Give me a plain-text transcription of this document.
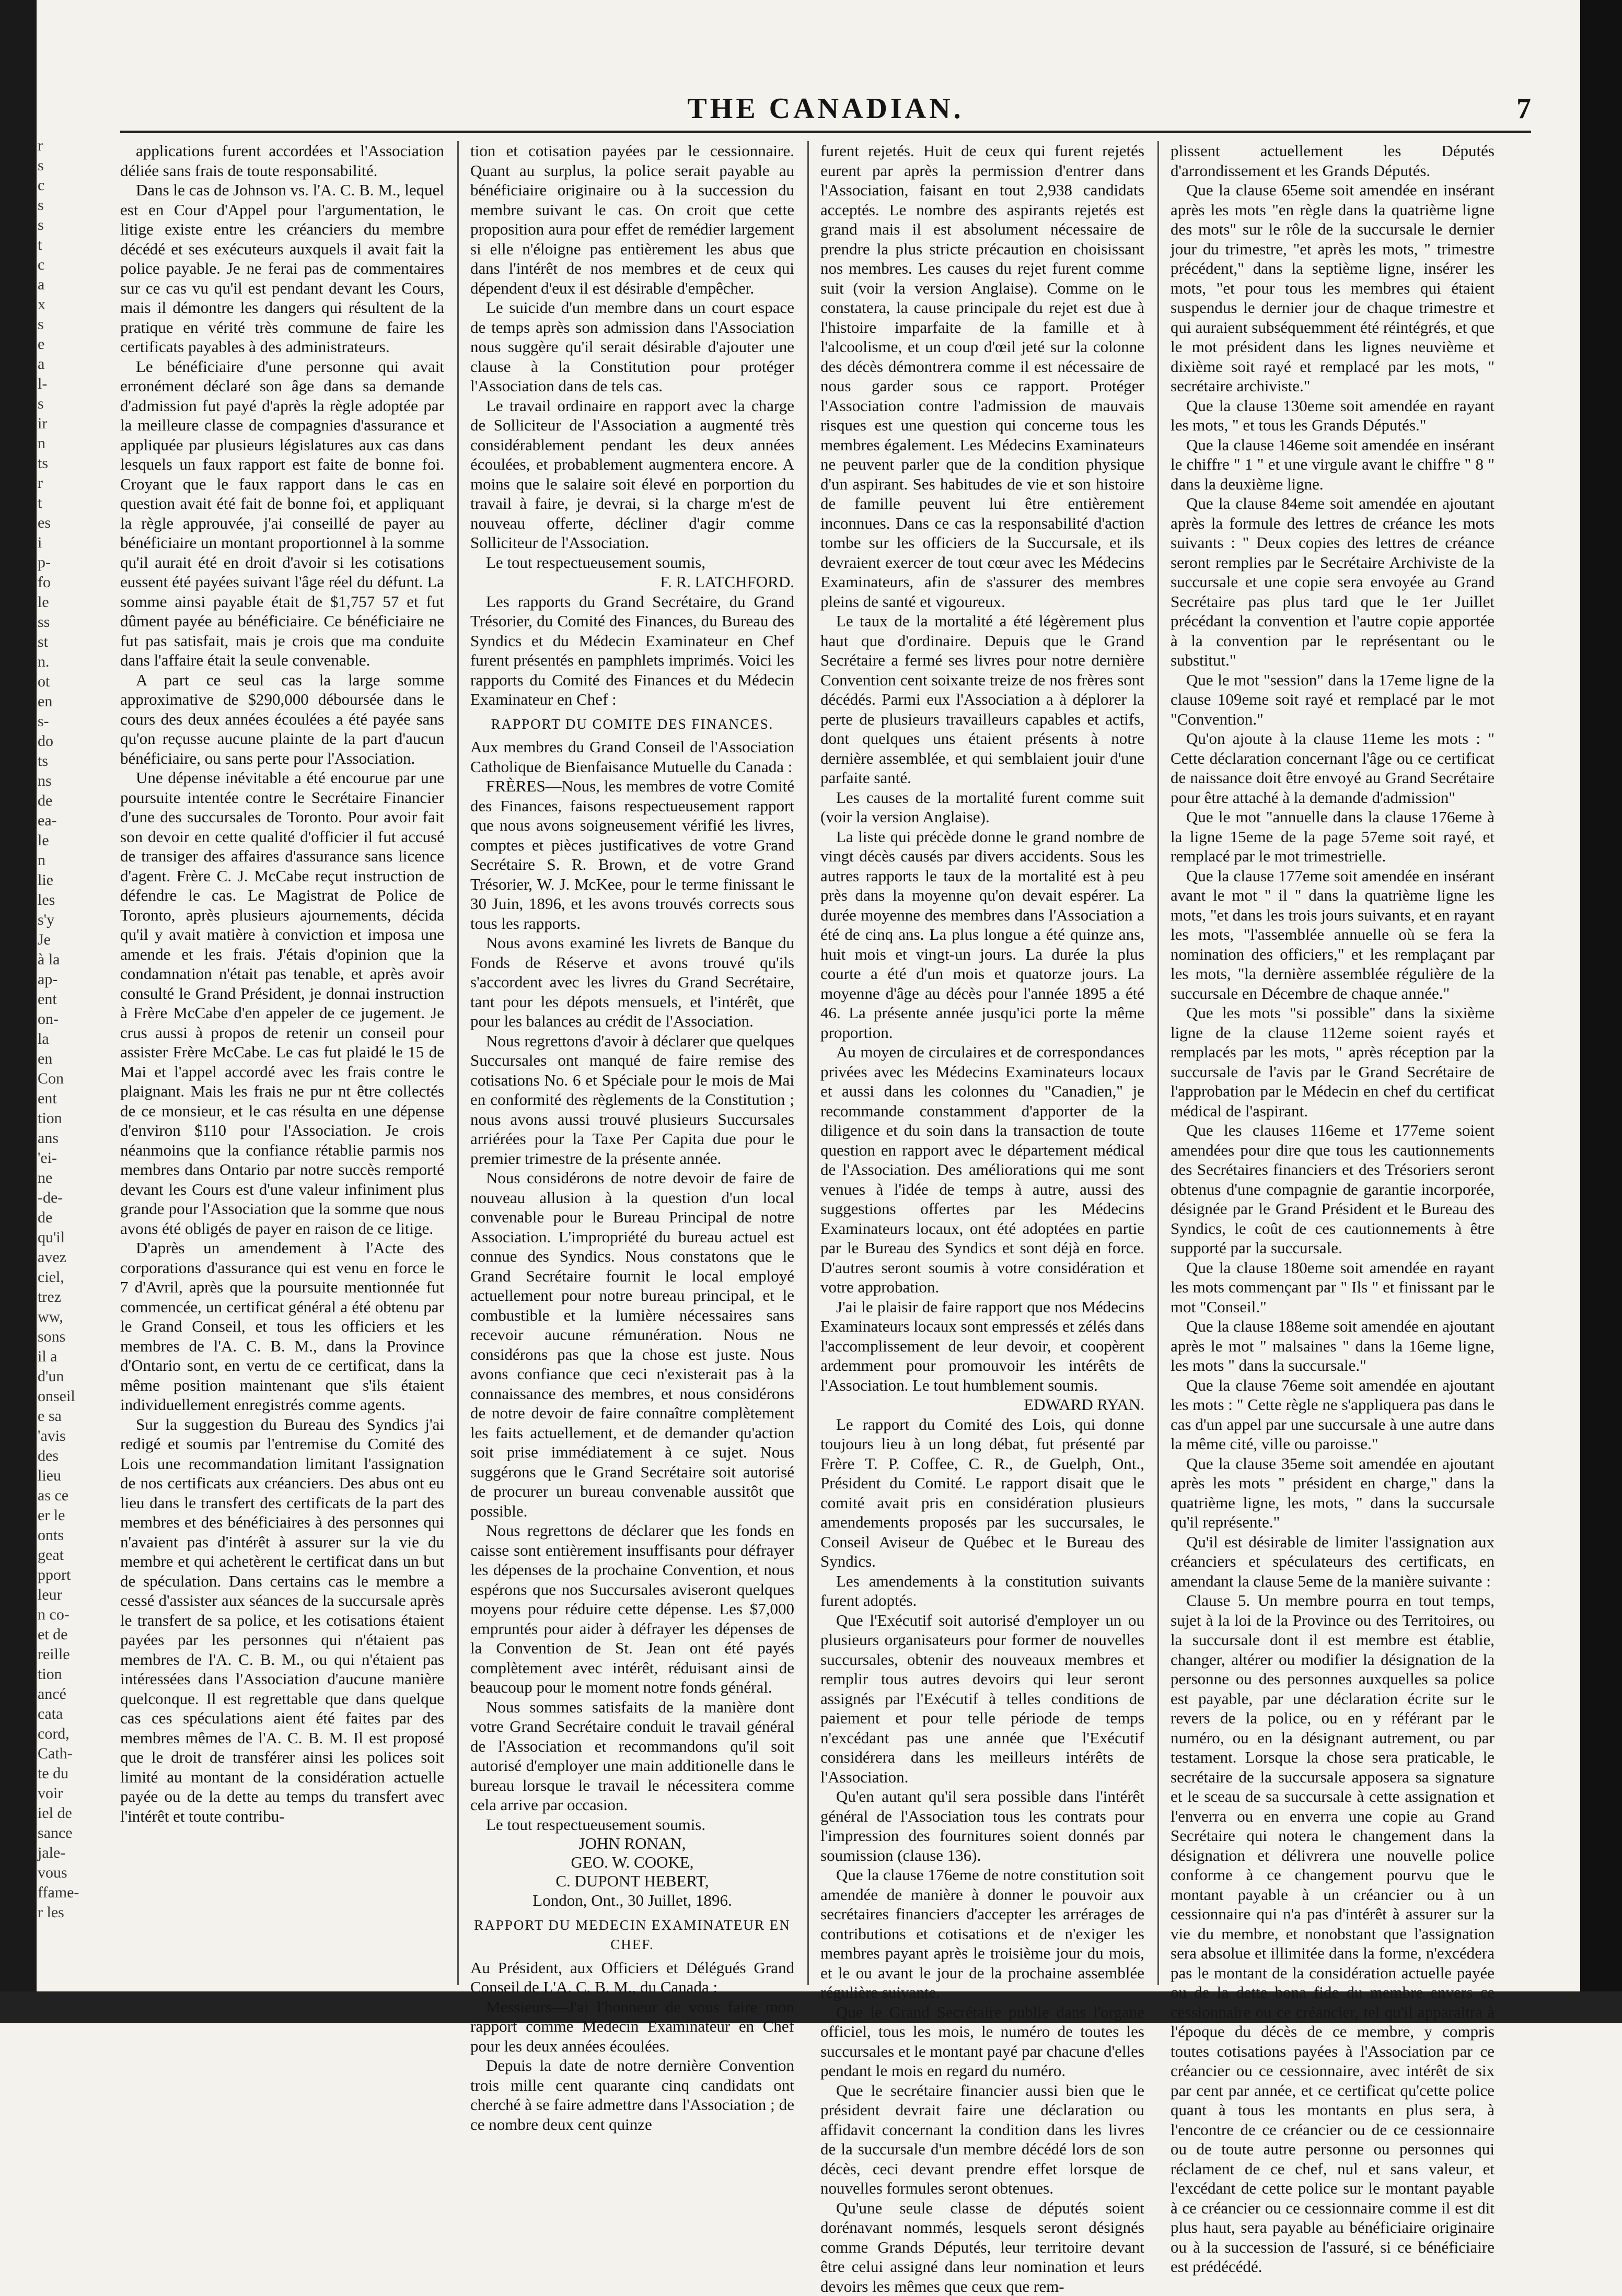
r
s
c
s
s
t
c
a
x
s
e
a
l-
s
ir
n
ts
r
t
es
i
p-
fo
le
ss
st
n.
ot
en
s-
do
ts
ns
de
ea-
le
n
lie
les
s'y
Je
à la
ap-
ent
on-
la
en
Con
ent
tion
ans
'ei-
ne
-de-
de
qu'il
avez
ciel,
trez
ww,
sons
il a
d'un
onseil
e sa
'avis
des
lieu
as ce
er le
onts
geat
pport
leur
n co-
et de
reille
tion
ancé
cata
cord,
Cath-
te du
voir
iel de
sance
jale-
vous
ffame-
r les
THE CANADIAN.	7

applications furent accordées et l'Association déliée sans frais de toute responsabilité.

Dans le cas de Johnson vs. l'A. C. B. M., lequel est en Cour d'Appel pour l'argumentation, le litige existe entre les créanciers du membre décédé et ses exécuteurs auxquels il avait fait la police payable. Je ne ferai pas de commentaires sur ce cas vu qu'il est pendant devant les Cours, mais il démontre les dangers qui résultent de la pratique en vérité très commune de faire les certificats payables à des administrateurs.

Le bénéficiaire d'une personne qui avait erronément déclaré son âge dans sa demande d'admission fut payé d'après la règle adoptée par la meilleure classe de compagnies d'assurance et appliquée par plusieurs législatures aux cas dans lesquels un faux rapport est faite de bonne foi. Croyant que le faux rapport dans le cas en question avait été fait de bonne foi, et appliquant la règle approuvée, j'ai conseillé de payer au bénéficiaire un montant proportionnel à la somme qu'il aurait été en droit d'avoir si les cotisations eussent été payées suivant l'âge réel du défunt. La somme ainsi payable était de $1,757 57 et fut dûment payée au bénéficiaire. Ce bénéficiaire ne fut pas satisfait, mais je crois que ma conduite dans l'affaire était la seule convenable.

A part ce seul cas la large somme approximative de $290,000 déboursée dans le cours des deux années écoulées a été payée sans qu'on reçusse aucune plainte de la part d'aucun bénéficiaire, ou sans perte pour l'Association.

Une dépense inévitable a été encourue par une poursuite intentée contre le Secrétaire Financier d'une des succursales de Toronto. Pour avoir fait son devoir en cette qualité d'officier il fut accusé de transiger des affaires d'assurance sans licence d'agent. Frère C. J. McCabe reçut instruction de défendre le cas. Le Magistrat de Police de Toronto, après plusieurs ajournements, décida qu'il y avait matière à conviction et imposa une amende et les frais. J'étais d'opinion que la condamnation n'était pas tenable, et après avoir consulté le Grand Président, je donnai instruction à Frère McCabe d'en appeler de ce jugement. Je crus aussi à propos de retenir un conseil pour assister Frère McCabe. Le cas fut plaidé le 15 de Mai et l'appel accordé avec les frais contre le plaignant. Mais les frais ne pur nt être collectés de ce monsieur, et le cas résulta en une dépense d'environ $110 pour l'Association. Je crois néanmoins que la confiance rétablie parmis nos membres dans Ontario par notre succès remporté devant les Cours est d'une valeur infiniment plus grande pour l'Association que la somme que nous avons été obligés de payer en raison de ce litige.

D'après un amendement à l'Acte des corporations d'assurance qui est venu en force le 7 d'Avril, après que la poursuite mentionnée fut commencée, un certificat général a été obtenu par le Grand Conseil, et tous les officiers et les membres de l'A. C. B. M., dans la Province d'Ontario sont, en vertu de ce certificat, dans la même position maintenant que s'ils étaient individuellement enregistrés comme agents.

Sur la suggestion du Bureau des Syndics j'ai redigé et soumis par l'entremise du Comité des Lois une recommandation limitant l'assignation de nos certificats aux créanciers. Des abus ont eu lieu dans le transfert des certificats de la part des membres et des bénéficiaires à des personnes qui n'avaient pas d'intérêt à assurer sur la vie du membre et qui achetèrent le certificat dans un but de spéculation. Dans certains cas le membre a cessé d'assister aux séances de la succursale après le transfert de sa police, et les cotisations étaient payées par les personnes qui n'étaient pas membres de l'A. C. B. M., ou qui n'étaient pas intéressées dans l'Association d'aucune manière quelconque. Il est regrettable que dans quelque cas ces spéculations aient été faites par des membres mêmes de l'A. C. B. M. Il est proposé que le droit de transférer ainsi les polices soit limité au montant de la considération actuelle payée ou de la dette au temps du transfert avec l'intérêt et toute contribu-

tion et cotisation payées par le cessionnaire. Quant au surplus, la police serait payable au bénéficiaire originaire ou à la succession du membre suivant le cas. On croit que cette proposition aura pour effet de remédier largement si elle n'éloigne pas entièrement les abus que dans l'intérêt de nos membres et de ceux qui dépendent d'eux il est désirable d'empêcher.

Le suicide d'un membre dans un court espace de temps après son admission dans l'Association nous suggère qu'il serait désirable d'ajouter une clause à la Constitution pour protéger l'Association dans de tels cas.

Le travail ordinaire en rapport avec la charge de Solliciteur de l'Association a augmenté très considérablement pendant les deux années écoulées, et probablement augmentera encore. A moins que le salaire soit élevé en porportion du travail à faire, je devrai, si la charge m'est de nouveau offerte, décliner d'agir comme Solliciteur de l'Association.

Le tout respectueusement soumis,

F. R. LATCHFORD.

Les rapports du Grand Secrétaire, du Grand Trésorier, du Comité des Finances, du Bureau des Syndics et du Médecin Examinateur en Chef furent présentés en pamphlets imprimés. Voici les rapports du Comité des Finances et du Médecin Examinateur en Chef :

RAPPORT DU COMITE DES FINANCES.

Aux membres du Grand Conseil de l'Association Catholique de Bienfaisance Mutuelle du Canada :

FRÈRES—Nous, les membres de votre Comité des Finances, faisons respectueusement rapport que nous avons soigneusement vérifié les livres, comptes et pièces justificatives de votre Grand Secrétaire S. R. Brown, et de votre Grand Trésorier, W. J. McKee, pour le terme finissant le 30 Juin, 1896, et les avons trouvés corrects sous tous les rapports.

Nous avons examiné les livrets de Banque du Fonds de Réserve et avons trouvé qu'ils s'accordent avec les livres du Grand Secrétaire, tant pour les dépots mensuels, et l'intérêt, que pour les balances au crédit de l'Association.

Nous regrettons d'avoir à déclarer que quelques Succursales ont manqué de faire remise des cotisations No. 6 et Spéciale pour le mois de Mai en conformité des règlements de la Constitution ; nous avons aussi trouvé plusieurs Succursales arriérées pour la Taxe Per Capita due pour le premier trimestre de la présente année.

Nous considérons de notre devoir de faire de nouveau allusion à la question d'un local convenable pour le Bureau Principal de notre Association. L'impropriété du bureau actuel est connue des Syndics. Nous constatons que le Grand Secrétaire fournit le local employé actuellement pour notre bureau principal, et le combustible et la lumière nécessaires sans recevoir aucune rémunération. Nous ne considérons pas que la chose est juste. Nous avons confiance que ceci n'existerait pas à la connaissance des membres, et nous considérons de notre devoir de faire connaître complètement les faits actuellement, et de demander qu'action soit prise immédiatement à ce sujet. Nous suggérons que le Grand Secrétaire soit autorisé de procurer un bureau convenable aussitôt que possible.

Nous regrettons de déclarer que les fonds en caisse sont entièrement insuffisants pour défrayer les dépenses de la prochaine Convention, et nous espérons que nos Succursales aviseront quelques moyens pour réduire cette dépense. Les $7,000 empruntés pour aider à défrayer les dépenses de la Convention de St. Jean ont été payés complètement avec intérêt, réduisant ainsi de beaucoup pour le moment notre fonds général.

Nous sommes satisfaits de la manière dont votre Grand Secrétaire conduit le travail général de l'Association et recommandons qu'il soit autorisé d'employer une main additionelle dans le bureau lorsque le travail le nécessitera comme cela arrive par occasion.

Le tout respectueusement soumis.

JOHN RONAN,

GEO. W. COOKE,

C. DUPONT HEBERT,

London, Ont., 30 Juillet, 1896.

RAPPORT DU MEDECIN EXAMINATEUR EN CHEF.

Au Président, aux Officiers et Délégués Grand Conseil de L'A. C. B. M., du Canada :

Messieurs—J'ai l'honneur de vous faire mon rapport comme Médecin Examinateur en Chef pour les deux années écoulées.

Depuis la date de notre dernière Convention trois mille cent quarante cinq candidats ont cherché à se faire admettre dans l'Association ; de ce nombre deux cent quinze

furent rejetés. Huit de ceux qui furent rejetés eurent par après la permission d'entrer dans l'Association, faisant en tout 2,938 candidats acceptés. Le nombre des aspirants rejetés est grand mais il est absolument nécessaire de prendre la plus stricte précaution en choisissant nos membres. Les causes du rejet furent comme suit (voir la version Anglaise). Comme on le constatera, la cause principale du rejet est due à l'histoire imparfaite de la famille et à l'alcoolisme, et un coup d'œil jeté sur la colonne des décès démontrera comme il est nécessaire de nous garder sous ce rapport. Protéger l'Association contre l'admission de mauvais risques est une question qui concerne tous les membres également. Les Médecins Examinateurs ne peuvent parler que de la condition physique d'un aspirant. Ses habitudes de vie et son histoire de famille peuvent lui être entièrement inconnues. Dans ce cas la responsabilité d'action tombe sur les officiers de la Succursale, et ils devraient exercer de tout cœur avec les Médecins Examinateurs, afin de s'assurer des membres pleins de santé et vigoureux.

Le taux de la mortalité a été légèrement plus haut que d'ordinaire. Depuis que le Grand Secrétaire a fermé ses livres pour notre dernière Convention cent soixante treize de nos frères sont décédés. Parmi eux l'Association a à déplorer la perte de plusieurs travailleurs capables et actifs, dont quelques uns étaient présents à notre dernière assemblée, et qui semblaient jouir d'une parfaite santé.

Les causes de la mortalité furent comme suit (voir la version Anglaise).

La liste qui précède donne le grand nombre de vingt décès causés par divers accidents. Sous les autres rapports le taux de la mortalité est à peu près dans la moyenne qu'on devait espérer. La durée moyenne des membres dans l'Association a été de cinq ans. La plus longue a été quinze ans, huit mois et vingt-un jours. La durée la plus courte a été d'un mois et quatorze jours. La moyenne d'âge au décès pour l'année 1895 a été 46. La présente année jusqu'ici porte la même proportion.

Au moyen de circulaires et de correspondances privées avec les Médecins Examinateurs locaux et aussi dans les colonnes du "Canadien," je recommande constamment d'apporter de la diligence et du soin dans la transaction de toute question en rapport avec le département médical de l'Association. Des améliorations qui me sont venues à l'idée de temps à autre, aussi des suggestions offertes par les Médecins Examinateurs locaux, ont été adoptées en partie par le Bureau des Syndics et sont déjà en force. D'autres seront soumis à votre considération et votre approbation.

J'ai le plaisir de faire rapport que nos Médecins Examinateurs locaux sont empressés et zélés dans l'accomplissement de leur devoir, et coopèrent ardemment pour promouvoir les intérêts de l'Association. Le tout humblement soumis.

EDWARD RYAN.

Le rapport du Comité des Lois, qui donne toujours lieu à un long débat, fut présenté par Frère T. P. Coffee, C. R., de Guelph, Ont., Président du Comité. Le rapport disait que le comité avait pris en considération plusieurs amendements proposés par les succursales, le Conseil Aviseur de Québec et le Bureau des Syndics.

Les amendements à la constitution suivants furent adoptés.

Que l'Exécutif soit autorisé d'employer un ou plusieurs organisateurs pour former de nouvelles succursales, obtenir des nouveaux membres et remplir tous autres devoirs qui leur seront assignés par l'Exécutif à telles conditions de paiement et pour telle période de temps n'excédant pas une année que l'Exécutif considérera dans les meilleurs intérêts de l'Association.

Qu'en autant qu'il sera possible dans l'intérêt général de l'Association tous les contrats pour l'impression des fournitures soient donnés par soumission (clause 136).

Que la clause 176eme de notre constitution soit amendée de manière à donner le pouvoir aux secrétaires financiers d'accepter les arrérages de contributions et cotisations et de n'exiger les membres payant après le troisième jour du mois, et le ou avant le jour de la prochaine assemblée régulière suivante.

Que le Grand Secrétaire publie dans l'organe officiel, tous les mois, le numéro de toutes les succursales et le montant payé par chacune d'elles pendant le mois en regard du numéro.

Que le secrétaire financier aussi bien que le président devrait faire une déclaration ou affidavit concernant la condition dans les livres de la succursale d'un membre décédé lors de son décès, ceci devant prendre effet lorsque de nouvelles formules seront obtenues.

Qu'une seule classe de députés soient dorénavant nommés, lesquels seront désignés comme Grands Députés, leur territoire devant être celui assigné dans leur nomination et leurs devoirs les mêmes que ceux que rem-

plissent actuellement les Députés d'arrondissement et les Grands Députés.

Que la clause 65eme soit amendée en insérant après les mots "en règle dans la quatrième ligne des mots" sur le rôle de la succursale le dernier jour du trimestre, "et après les mots, " trimestre précédent," dans la septième ligne, insérer les mots, "et pour tous les membres qui étaient suspendus le dernier jour de chaque trimestre et qui auraient subséquemment été réintégrés, et que le mot président dans les lignes neuvième et dixième soit rayé et remplacé par les mots, " secrétaire archiviste."

Que la clause 130eme soit amendée en rayant les mots, " et tous les Grands Députés."

Que la clause 146eme soit amendée en insérant le chiffre " 1 " et une virgule avant le chiffre " 8 " dans la deuxième ligne.

Que la clause 84eme soit amendée en ajoutant après la formule des lettres de créance les mots suivants : " Deux copies des lettres de créance seront remplies par le Secrétaire Archiviste de la succursale et une copie sera envoyée au Grand Secrétaire pas plus tard que le 1er Juillet précédant la convention et l'autre copie apportée à la convention par le représentant ou le substitut."

Que le mot "session" dans la 17eme ligne de la clause 109eme soit rayé et remplacé par le mot "Convention."

Qu'on ajoute à la clause 11eme les mots : " Cette déclaration concernant l'âge ou ce certificat de naissance doit être envoyé au Grand Secrétaire pour être attaché à la demande d'admission"

Que le mot "annuelle dans la clause 176eme à la ligne 15eme de la page 57eme soit rayé, et remplacé par le mot trimestrielle.

Que la clause 177eme soit amendée en insérant avant le mot " il " dans la quatrième ligne les mots, "et dans les trois jours suivants, et en rayant les mots, "l'assemblée annuelle où se fera la nomination des officiers," et les remplaçant par les mots, "la dernière assemblée régulière de la succursale en Décembre de chaque année."

Que les mots "si possible" dans la sixième ligne de la clause 112eme soient rayés et remplacés par les mots, " après réception par la succursale de l'avis par le Grand Secrétaire de l'approbation par le Médecin en chef du certificat médical de l'aspirant.

Que les clauses 116eme et 177eme soient amendées pour dire que tous les cautionnements des Secrétaires financiers et des Trésoriers seront obtenus d'une compagnie de garantie incorporée, désignée par le Grand Président et le Bureau des Syndics, le coût de ces cautionnements à être supporté par la succursale.

Que la clause 180eme soit amendée en rayant les mots commençant par " Ils " et finissant par le mot "Conseil."

Que la clause 188eme soit amendée en ajoutant après le mot " malsaines " dans la 16eme ligne, les mots " dans la succursale."

Que la clause 76eme soit amendée en ajoutant les mots : " Cette règle ne s'appliquera pas dans le cas d'un appel par une succursale à une autre dans la même cité, ville ou paroisse."

Que la clause 35eme soit amendée en ajoutant après les mots " président en charge," dans la quatrième ligne, les mots, " dans la succursale qu'il représente."

Qu'il est désirable de limiter l'assignation aux créanciers et spéculateurs des certificats, en amendant la clause 5eme de la manière suivante :

Clause 5. Un membre pourra en tout temps, sujet à la loi de la Province ou des Territoires, ou la succursale dont il est membre est établie, changer, altérer ou modifier la désignation de la personne ou des personnes auxquelles sa police est payable, par une déclaration écrite sur le revers de la police, ou en y référant par le numéro, ou en la désignant autrement, ou par testament. Lorsque la chose sera praticable, le secrétaire de la succursale apposera sa signature et le sceau de sa succursale à cette assignation et l'enverra ou en enverra une copie au Grand Secrétaire qui notera le changement dans la désignation et délivrera une nouvelle police conforme à ce changement pourvu que le montant payable à un créancier ou à un cessionnaire qui n'a pas d'intérêt à assurer sur la vie du membre, et nonobstant que l'assignation sera absolue et illimitée dans la forme, n'excédera pas le montant de la considération actuelle payée ou de la dette bona fide du membre envers ce cessionnaire ou ce créancier, tel qu'il apparaitra à l'époque du décès de ce membre, y compris toutes cotisations payées à l'Association par ce créancier ou ce cessionnaire, avec intérêt de six par cent par année, et ce certificat qu'cette police quant à tous les montants en plus sera, à l'encontre de ce créancier ou de ce cessionnaire ou de toute autre personne ou personnes qui réclament de ce chef, nul et sans valeur, et l'excédant de cette police sur le montant payable à ce créancier ou ce cessionnaire comme il est dit plus haut, sera payable au bénéficiaire originaire ou à la succession de l'assuré, si ce bénéficiaire est prédécédé.
